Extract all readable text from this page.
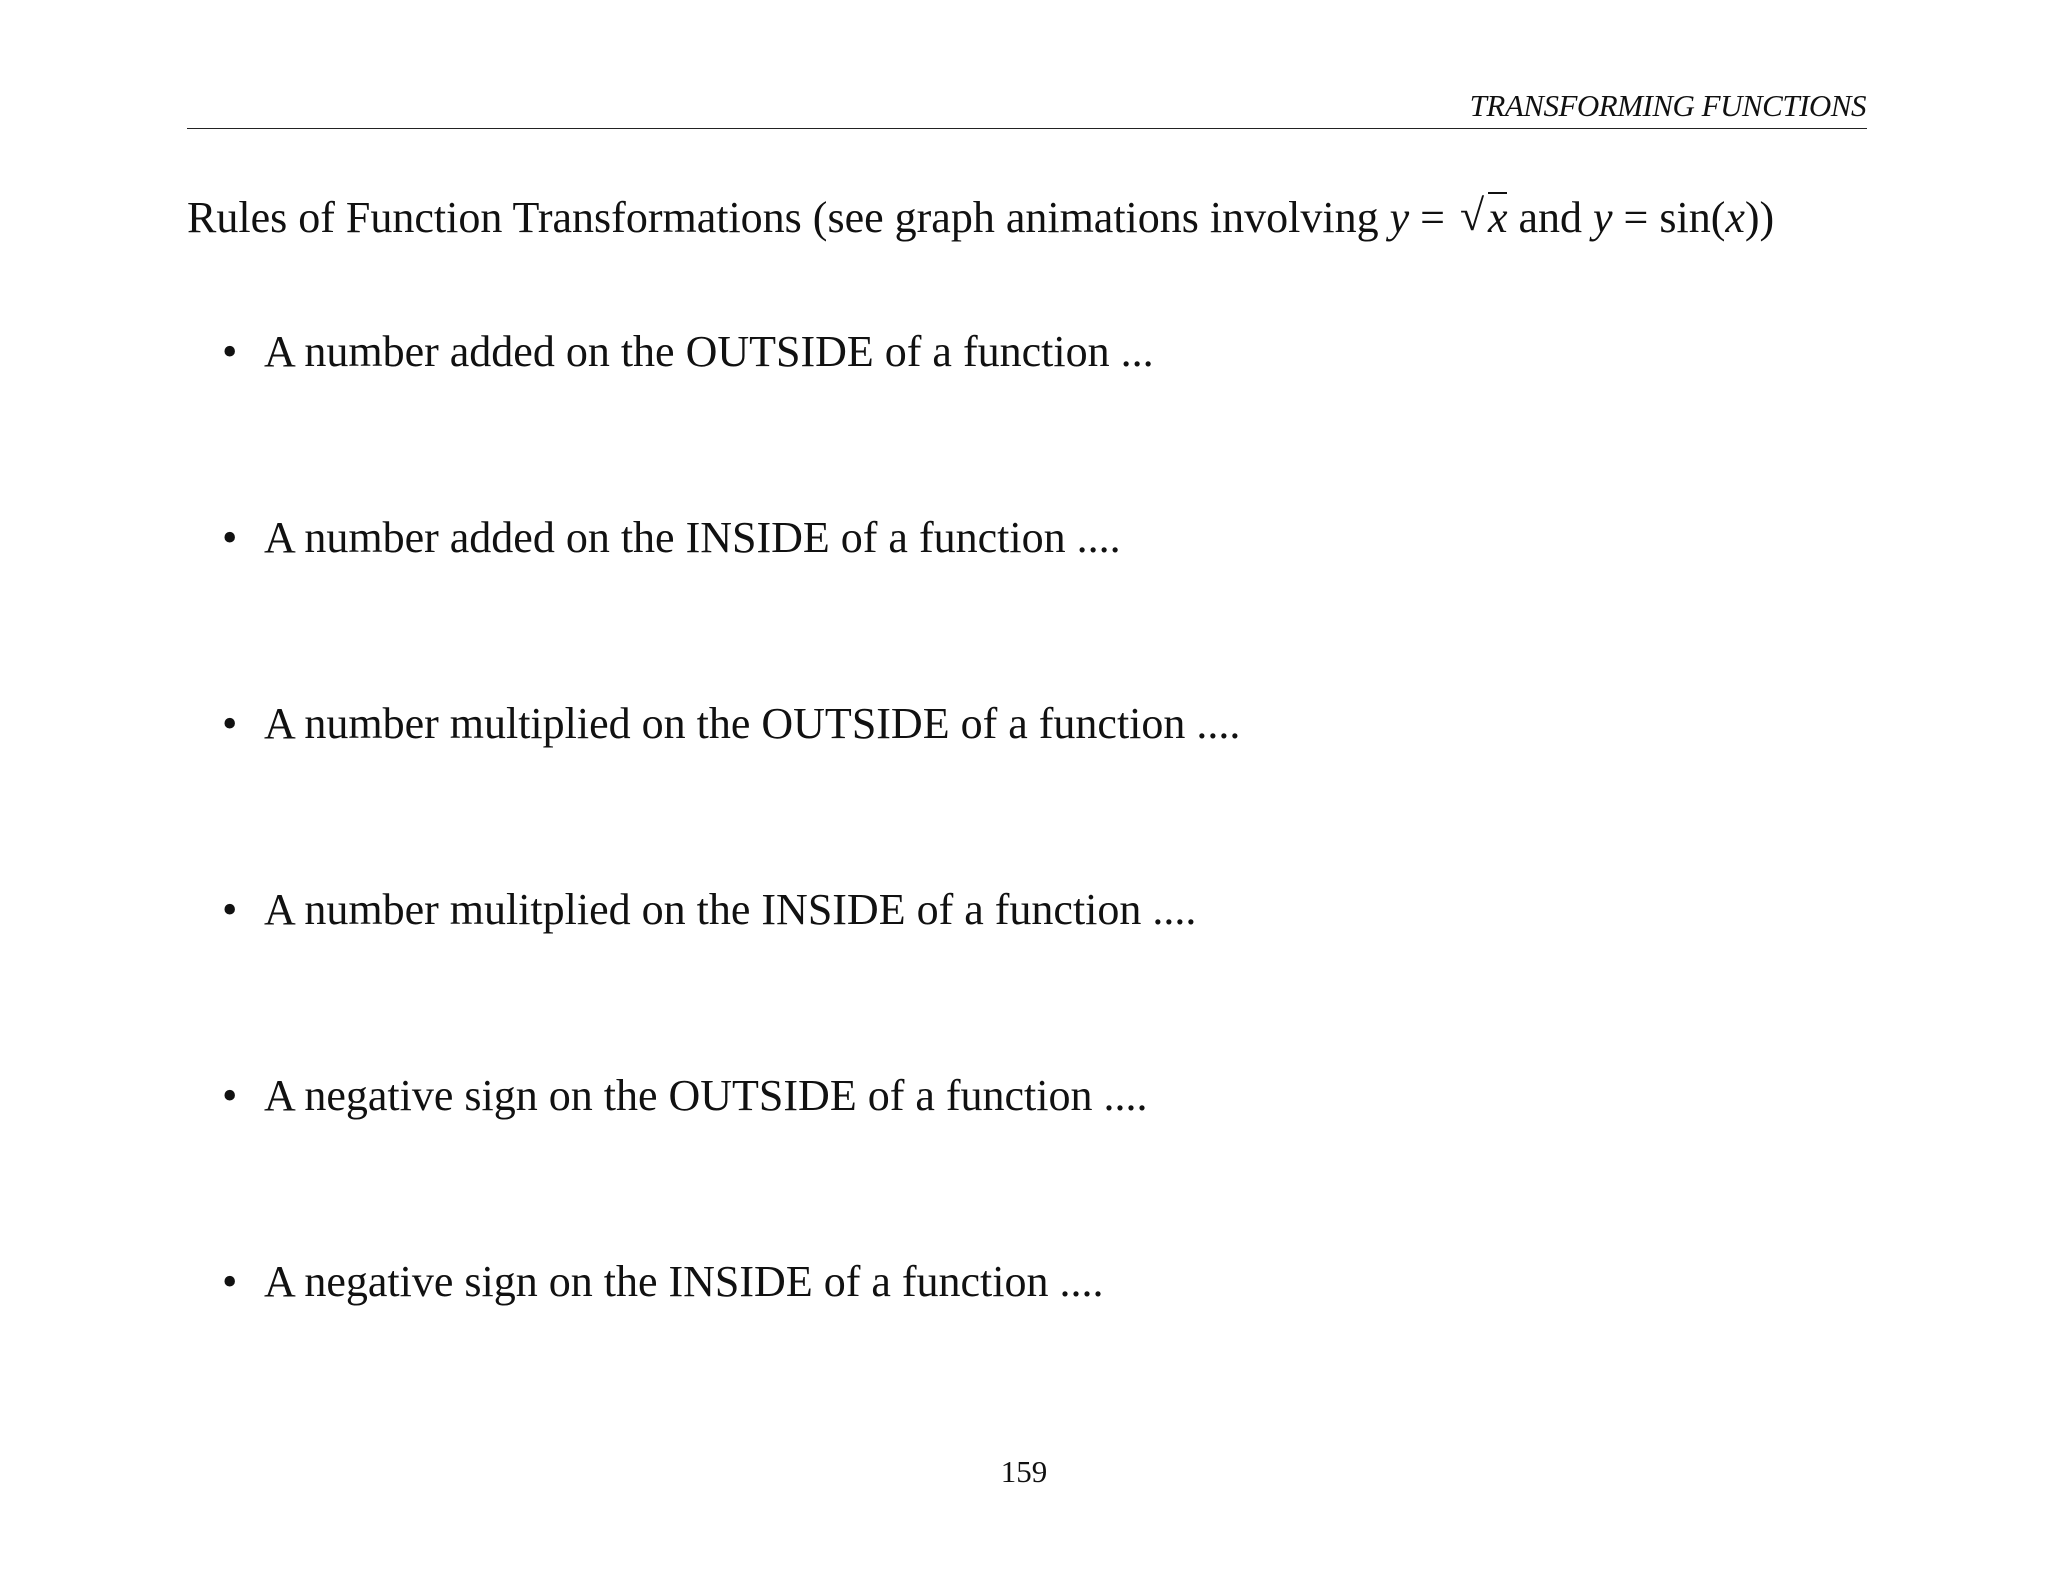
TRANSFORMING FUNCTIONS

Rules of Function Transformations (see graph animations involving y = √ x and y = sin(x))

• A number added on the OUTSIDE of a function ...
• A number added on the INSIDE of a function ....
• A number multiplied on the OUTSIDE of a function ....
• A number mulitplied on the INSIDE of a function ....
• A negative sign on the OUTSIDE of a function ....
• A negative sign on the INSIDE of a function ....
159
